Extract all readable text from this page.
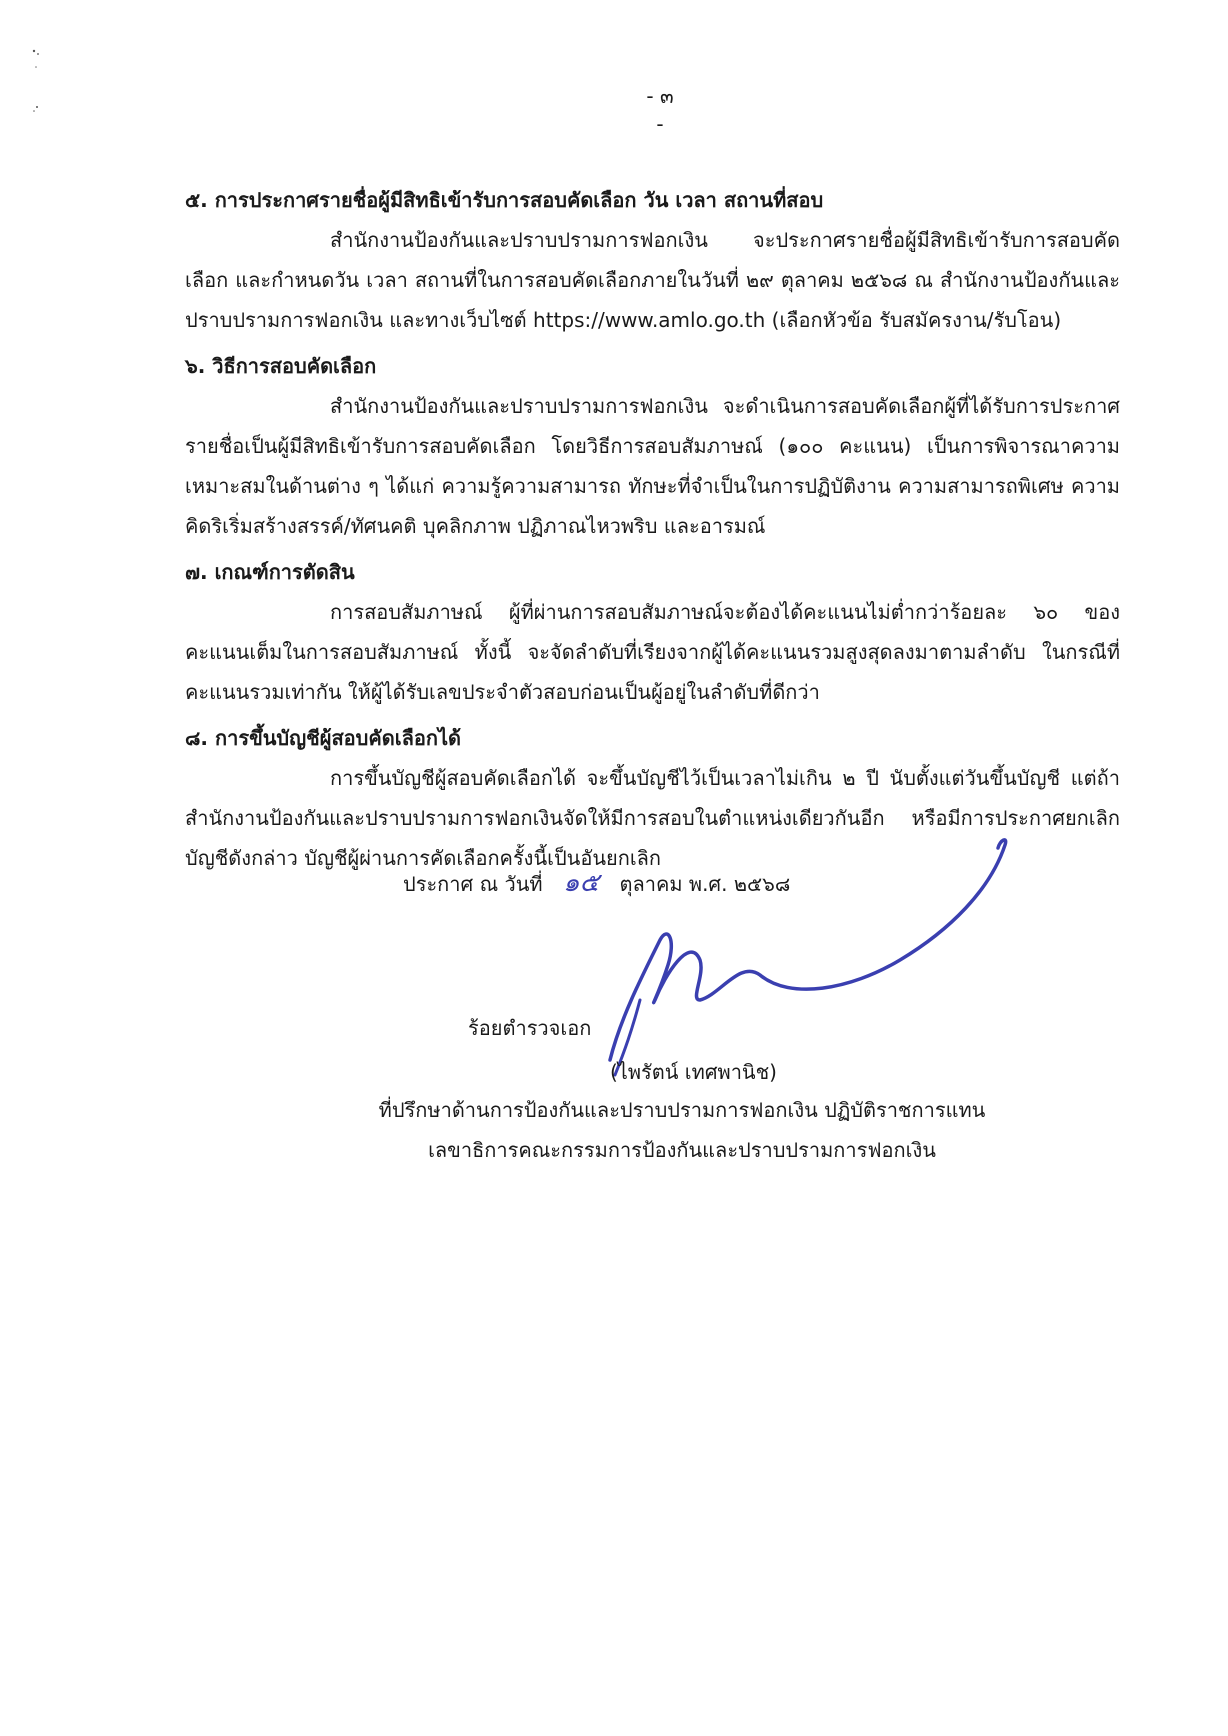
- ๓ -

๕. การประกาศรายชื่อผู้มีสิทธิเข้ารับการสอบคัดเลือก วัน เวลา สถานที่สอบ

สำนักงานป้องกันและปราบปรามการฟอกเงิน จะประกาศรายชื่อผู้มีสิทธิเข้ารับการสอบคัดเลือก และกำหนดวัน เวลา สถานที่ในการสอบคัดเลือกภายในวันที่ ๒๙ ตุลาคม ๒๕๖๘ ณ สำนักงานป้องกันและปราบปรามการฟอกเงิน และทางเว็บไซต์ https://www.amlo.go.th (เลือกหัวข้อ รับสมัครงาน/รับโอน)

๖. วิธีการสอบคัดเลือก

สำนักงานป้องกันและปราบปรามการฟอกเงิน จะดำเนินการสอบคัดเลือกผู้ที่ได้รับการประกาศรายชื่อเป็นผู้มีสิทธิเข้ารับการสอบคัดเลือก โดยวิธีการสอบสัมภาษณ์ (๑๐๐ คะแนน) เป็นการพิจารณาความเหมาะสมในด้านต่าง ๆ ได้แก่ ความรู้ความสามารถ ทักษะที่จำเป็นในการปฏิบัติงาน ความสามารถพิเศษ ความคิดริเริ่มสร้างสรรค์/ทัศนคติ บุคลิกภาพ ปฏิภาณไหวพริบ และอารมณ์

๗. เกณฑ์การตัดสิน

การสอบสัมภาษณ์ ผู้ที่ผ่านการสอบสัมภาษณ์จะต้องได้คะแนนไม่ต่ำกว่าร้อยละ ๖๐ ของคะแนนเต็มในการสอบสัมภาษณ์ ทั้งนี้ จะจัดลำดับที่เรียงจากผู้ได้คะแนนรวมสูงสุดลงมาตามลำดับ ในกรณีที่คะแนนรวมเท่ากัน ให้ผู้ได้รับเลขประจำตัวสอบก่อนเป็นผู้อยู่ในลำดับที่ดีกว่า

๘. การขึ้นบัญชีผู้สอบคัดเลือกได้

การขึ้นบัญชีผู้สอบคัดเลือกได้ จะขึ้นบัญชีไว้เป็นเวลาไม่เกิน ๒ ปี นับตั้งแต่วันขึ้นบัญชี แต่ถ้าสำนักงานป้องกันและปราบปรามการฟอกเงินจัดให้มีการสอบในตำแหน่งเดียวกันอีก หรือมีการประกาศยกเลิกบัญชีดังกล่าว บัญชีผู้ผ่านการคัดเลือกครั้งนี้เป็นอันยกเลิก

ประกาศ ณ วันที่ ๑๕ ตุลาคม พ.ศ. ๒๕๖๘
ร้อยตำรวจเอก
(ไพรัตน์ เทศพานิช)
ที่ปรึกษาด้านการป้องกันและปราบปรามการฟอกเงิน ปฏิบัติราชการแทน
เลขาธิการคณะกรรมการป้องกันและปราบปรามการฟอกเงิน
